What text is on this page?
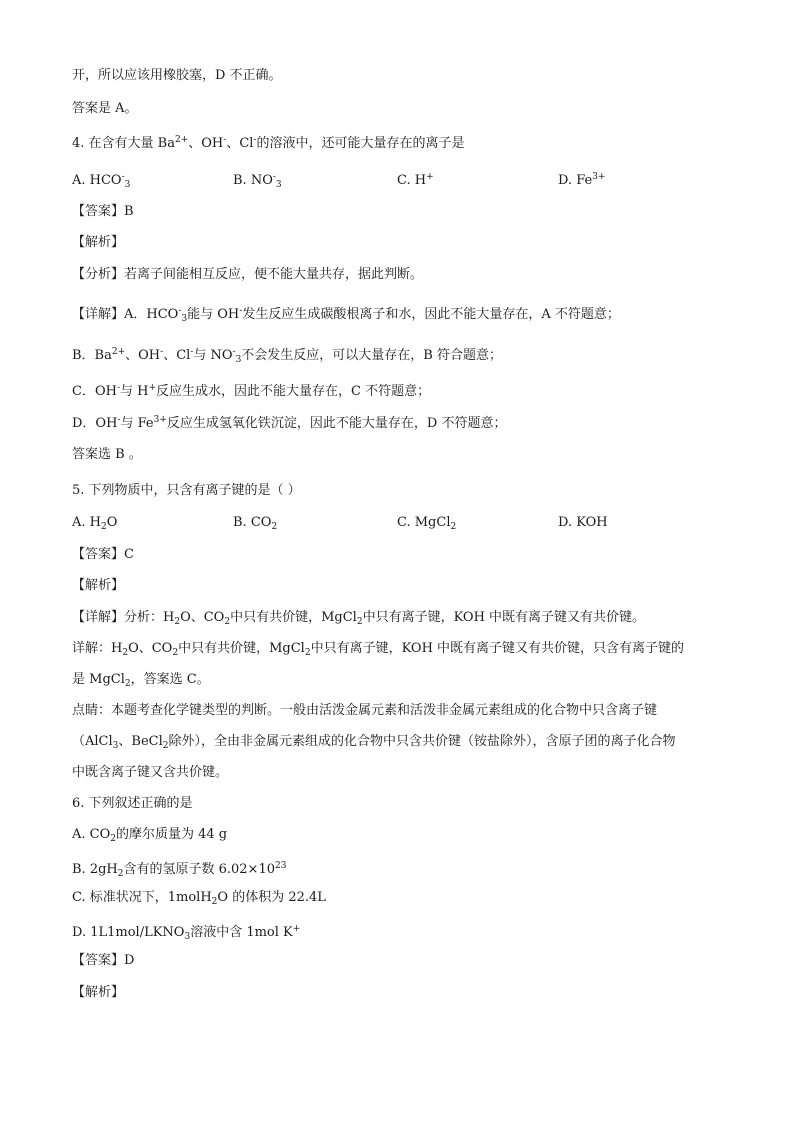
开，所以应该用橡胶塞，D 不正确。
答案是 A。
4. 在含有大量 $Ba^{2+}$、OH-、Cl-的溶液中，还可能大量存在的离子是
A. $HCO^-_3$	B. $NO^-_3$	C. H+	D. $Fe^{3+}$
【答案】B
【解析】
【分析】若离子间能相互反应，便不能大量共存，据此判断。
【详解】A．$HCO^-_3$能与 OH-发生反应生成碳酸根离子和水，因此不能大量存在，A 不符题意；
B．$Ba^{2+}$、OH-、Cl-与 $NO^-_3$不会发生反应，可以大量存在，B 符合题意；
C．OH-与 H+反应生成水，因此不能大量存在，C 不符题意；
D．OH-与 $Fe^{3+}$反应生成氢氧化铁沉淀，因此不能大量存在，D 不符题意；
答案选 B 。
5. 下列物质中，只含有离子键的是（ ）
A. $H_2O$	B. $CO_2$	C. MgCl$_2$	D. KOH
【答案】C
【解析】
【详解】分析：$H_2O$、$CO_2$中只有共价键，MgCl$_2$中只有离子键，KOH 中既有离子键又有共价键。
详解：$H_2O$、$CO_2$中只有共价键，MgCl$_2$中只有离子键，KOH 中既有离子键又有共价键，只含有离子键的
是 MgCl$_2$，答案选 C。
点睛：本题考查化学键类型的判断。一般由活泼金属元素和活泼非金属元素组成的化合物中只含离子键
（AlCl$_3$、BeCl$_2$除外），全由非金属元素组成的化合物中只含共价键（铵盐除外），含原子团的离子化合物
中既含离子键又含共价键。
6. 下列叙述正确的是
A. $CO_2$的摩尔质量为 44 g
B. $2gH_2$含有的氢原子数 $6.02\times 10^{23}$
C. 标准状况下，1molH$_2$O 的体积为 22.4L
D. $1L1mol/LKNO_3$溶液中含 1mol K+
【答案】D
【解析】
